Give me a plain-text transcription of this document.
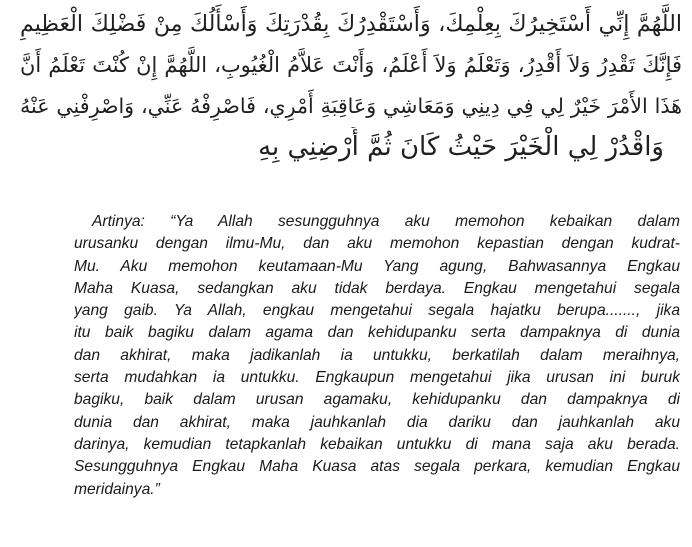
اللَّهُمَّ إِنِّي أَسْتَخِيرُكَ بِعِلْمِكَ، وَأَسْتَقْدِرُكَ بِقُدْرَتِكَ وَأَسْأَلُكَ مِنْ فَضْلِكَ الْعَظِيمِ
فَإِنَّكَ تَقْدِرُ وَلاَ أَقْدِرُ، وَتَعْلَمُ وَلاَ أَعْلَمُ، وَأَنْتَ عَلاَّمُ الْغُيُوبِ، اللَّهُمَّ إِنْ كُنْتَ تَعْلَمُ أَنَّ
هَذَا الأَمْرَ خَيْرٌ لِي فِي دِينِي وَمَعَاشِي وَعَاقِبَةِ أَمْرِي، فَاصْرِفْهُ عَنِّي، وَاصْرِفْنِي عَنْهُ
وَاقْدُرْ لِي الْخَيْرَ حَيْثُ كَانَ ثُمَّ أَرْضِنِي بِهِ
Artinya: “Ya Allah sesungguhnya aku memohon kebaikan dalam
urusanku dengan ilmu-Mu, dan aku memohon kepastian dengan kudrat-
Mu. Aku memohon keutamaan-Mu Yang agung, Bahwasannya Engkau
Maha Kuasa, sedangkan aku tidak berdaya. Engkau mengetahui segala
yang gaib. Ya Allah, engkau mengetahui segala hajatku berupa......., jika
itu baik bagiku dalam agama dan kehidupanku serta dampaknya di dunia
dan akhirat, maka jadikanlah ia untukku, berkatilah dalam meraihnya,
serta mudahkan ia untukku. Engkaupun mengetahui jika urusan ini buruk
bagiku, baik dalam urusan agamaku, kehidupanku dan dampaknya di
dunia dan akhirat, maka jauhkanlah dia dariku dan jauhkanlah aku
darinya, kemudian tetapkanlah kebaikan untukku di mana saja aku berada.
Sesungguhnya Engkau Maha Kuasa atas segala perkara, kemudian Engkau
meridainya.”
